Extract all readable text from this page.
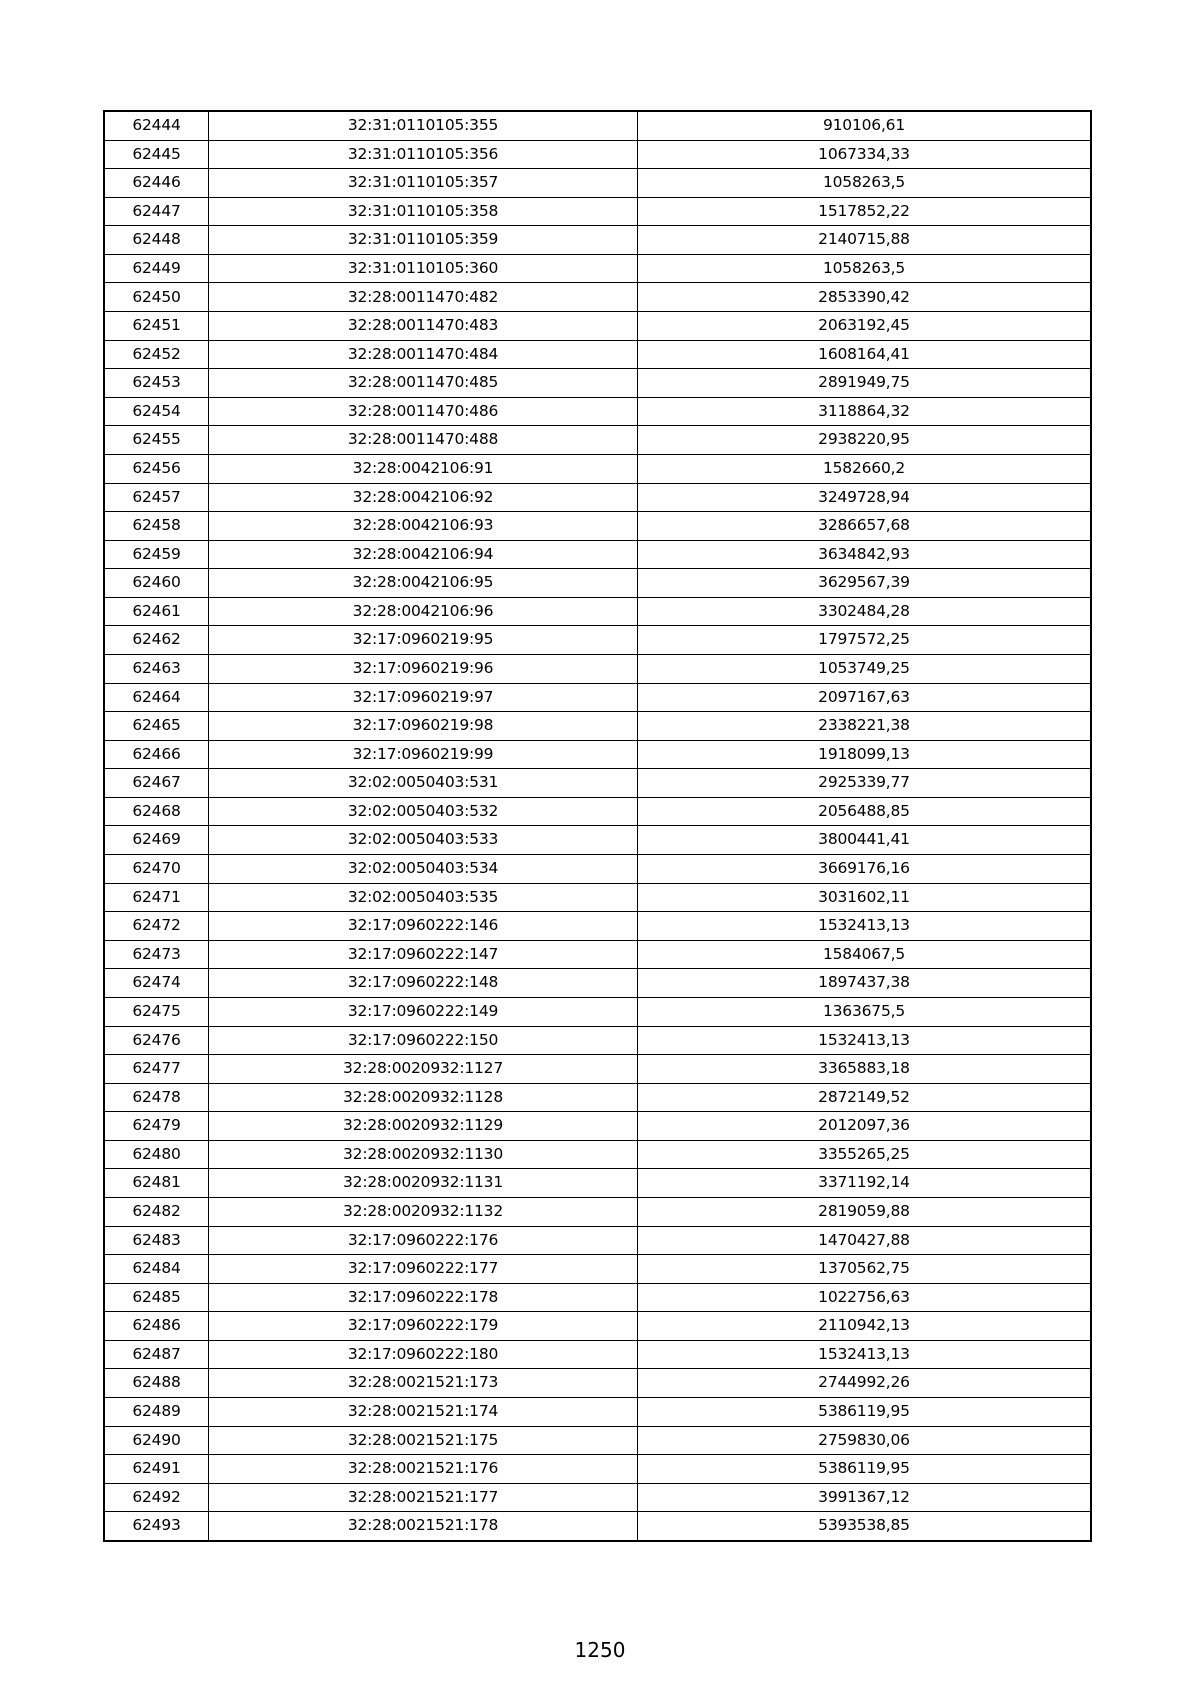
62444	32:31:0110105:355	910106,61
62445	32:31:0110105:356	1067334,33
62446	32:31:0110105:357	1058263,5
62447	32:31:0110105:358	1517852,22
62448	32:31:0110105:359	2140715,88
62449	32:31:0110105:360	1058263,5
62450	32:28:0011470:482	2853390,42
62451	32:28:0011470:483	2063192,45
62452	32:28:0011470:484	1608164,41
62453	32:28:0011470:485	2891949,75
62454	32:28:0011470:486	3118864,32
62455	32:28:0011470:488	2938220,95
62456	32:28:0042106:91	1582660,2
62457	32:28:0042106:92	3249728,94
62458	32:28:0042106:93	3286657,68
62459	32:28:0042106:94	3634842,93
62460	32:28:0042106:95	3629567,39
62461	32:28:0042106:96	3302484,28
62462	32:17:0960219:95	1797572,25
62463	32:17:0960219:96	1053749,25
62464	32:17:0960219:97	2097167,63
62465	32:17:0960219:98	2338221,38
62466	32:17:0960219:99	1918099,13
62467	32:02:0050403:531	2925339,77
62468	32:02:0050403:532	2056488,85
62469	32:02:0050403:533	3800441,41
62470	32:02:0050403:534	3669176,16
62471	32:02:0050403:535	3031602,11
62472	32:17:0960222:146	1532413,13
62473	32:17:0960222:147	1584067,5
62474	32:17:0960222:148	1897437,38
62475	32:17:0960222:149	1363675,5
62476	32:17:0960222:150	1532413,13
62477	32:28:0020932:1127	3365883,18
62478	32:28:0020932:1128	2872149,52
62479	32:28:0020932:1129	2012097,36
62480	32:28:0020932:1130	3355265,25
62481	32:28:0020932:1131	3371192,14
62482	32:28:0020932:1132	2819059,88
62483	32:17:0960222:176	1470427,88
62484	32:17:0960222:177	1370562,75
62485	32:17:0960222:178	1022756,63
62486	32:17:0960222:179	2110942,13
62487	32:17:0960222:180	1532413,13
62488	32:28:0021521:173	2744992,26
62489	32:28:0021521:174	5386119,95
62490	32:28:0021521:175	2759830,06
62491	32:28:0021521:176	5386119,95
62492	32:28:0021521:177	3991367,12
62493	32:28:0021521:178	5393538,85
1250
